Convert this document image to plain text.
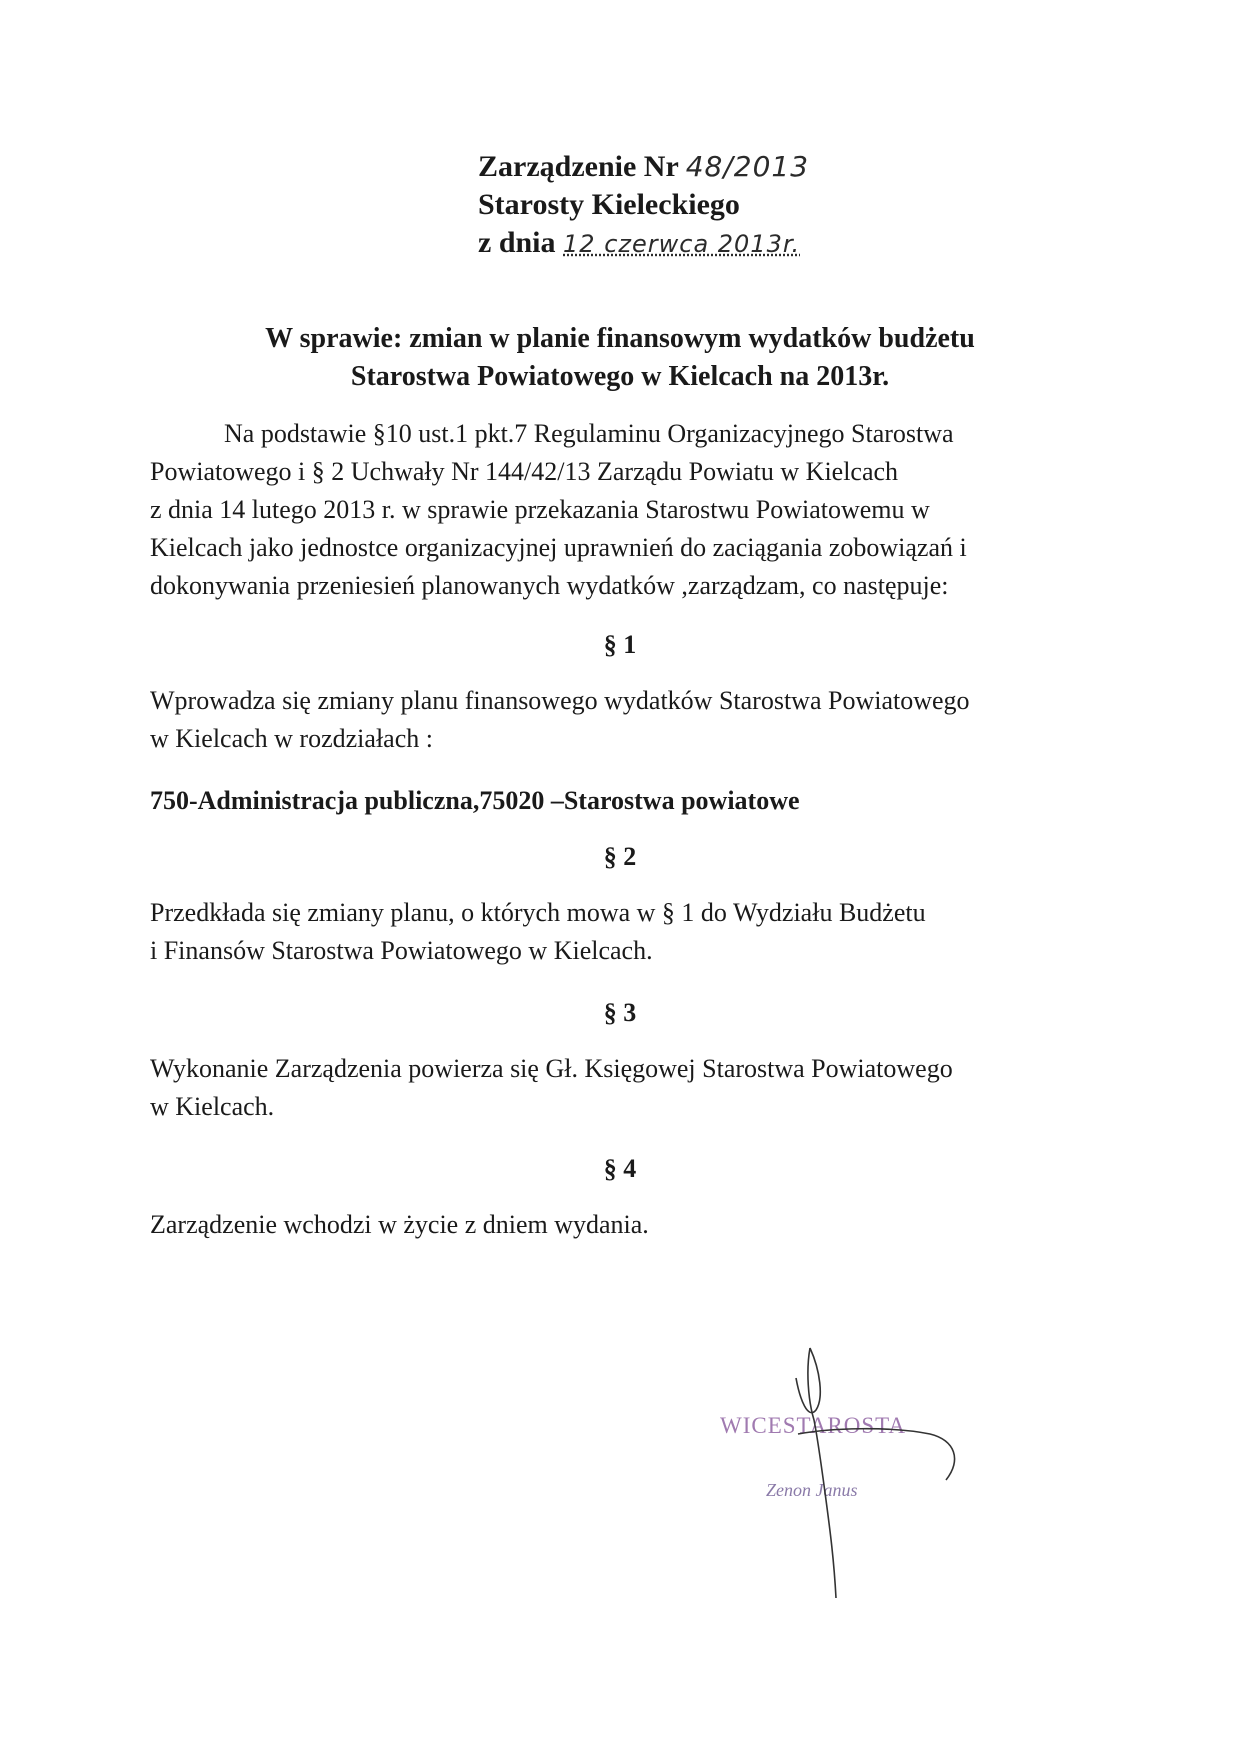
Zarządzenie Nr 48/2013
Starosty Kieleckiego
z dnia 12 czerwca 2013r.
W sprawie: zmian w planie finansowym wydatków budżetu
Starostwa Powiatowego w Kielcach na 2013r.
Na podstawie §10 ust.1 pkt.7 Regulaminu Organizacyjnego Starostwa
Powiatowego i § 2 Uchwały Nr 144/42/13 Zarządu Powiatu w Kielcach
z dnia 14 lutego 2013 r. w sprawie przekazania Starostwu Powiatowemu w
Kielcach jako jednostce organizacyjnej uprawnień do zaciągania zobowiązań i
dokonywania przeniesień planowanych wydatków ,zarządzam, co następuje:
§ 1
Wprowadza się zmiany planu finansowego wydatków Starostwa Powiatowego
w Kielcach w rozdziałach :
750-Administracja publiczna,75020 –Starostwa powiatowe
§ 2
Przedkłada się zmiany planu, o których mowa w § 1 do Wydziału Budżetu
i Finansów Starostwa Powiatowego w Kielcach.
§ 3
Wykonanie Zarządzenia powierza się Gł. Księgowej Starostwa Powiatowego
w Kielcach.
§ 4
Zarządzenie wchodzi w życie z dniem wydania.
WICESTAROSTA
Zenon Janus
